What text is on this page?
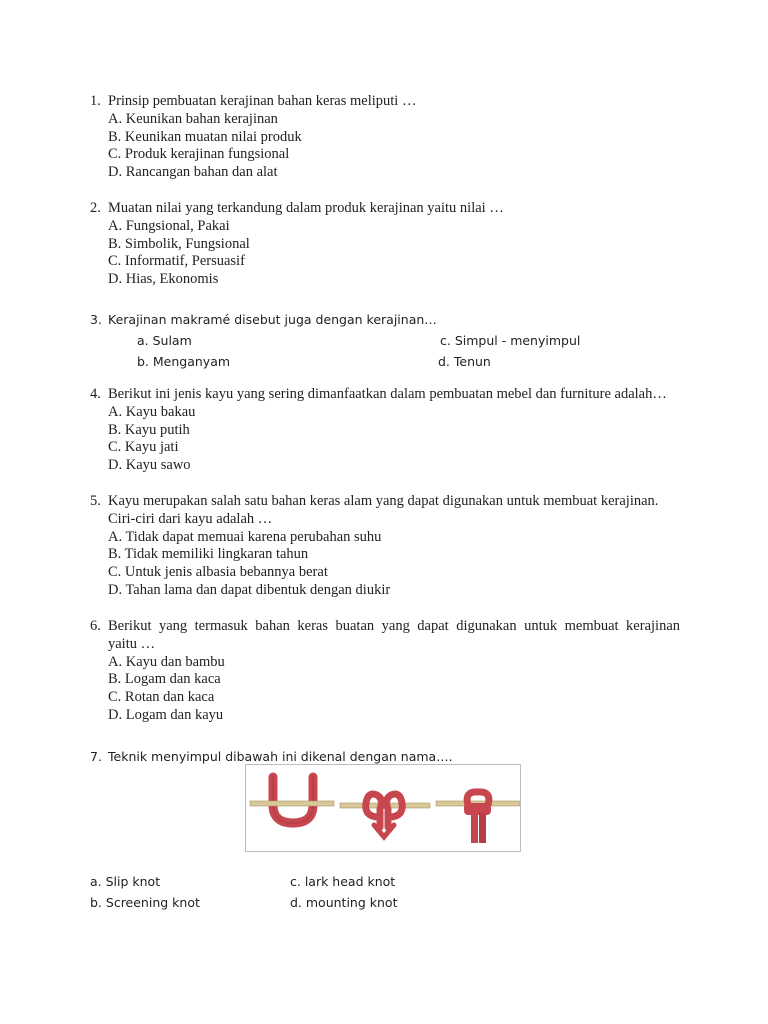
1. Prinsip pembuatan kerajinan bahan keras meliputi …
A. Keunikan bahan kerajinan
B. Keunikan muatan nilai produk
C. Produk kerajinan fungsional
D. Rancangan bahan dan alat
2. Muatan nilai yang terkandung dalam produk kerajinan yaitu nilai …
A. Fungsional, Pakai
B. Simbolik, Fungsional
C. Informatif, Persuasif
D. Hias, Ekonomis
3. Kerajinan makramé disebut juga dengan kerajinan…
a. Sulam	c. Simpul - menyimpul
b. Menganyam	d. Tenun
4. Berikut ini jenis kayu yang sering dimanfaatkan dalam pembuatan mebel dan furniture adalah…
A. Kayu bakau
B. Kayu putih
C. Kayu jati
D. Kayu sawo
5. Kayu merupakan salah satu bahan keras alam yang dapat digunakan untuk membuat kerajinan.
Ciri-ciri dari kayu adalah …
A. Tidak dapat memuai karena perubahan suhu
B. Tidak memiliki lingkaran tahun
C. Untuk jenis albasia bebannya berat
D. Tahan lama dan dapat dibentuk dengan diukir
6. Berikut yang termasuk bahan keras buatan yang dapat digunakan untuk membuat kerajinan
yaitu …
A. Kayu dan bambu
B. Logam dan kaca
C. Rotan dan kaca
D. Logam dan kayu
7. Teknik menyimpul dibawah ini dikenal dengan nama….
a. Slip knot	c. lark head knot
b. Screening knot	d. mounting knot
